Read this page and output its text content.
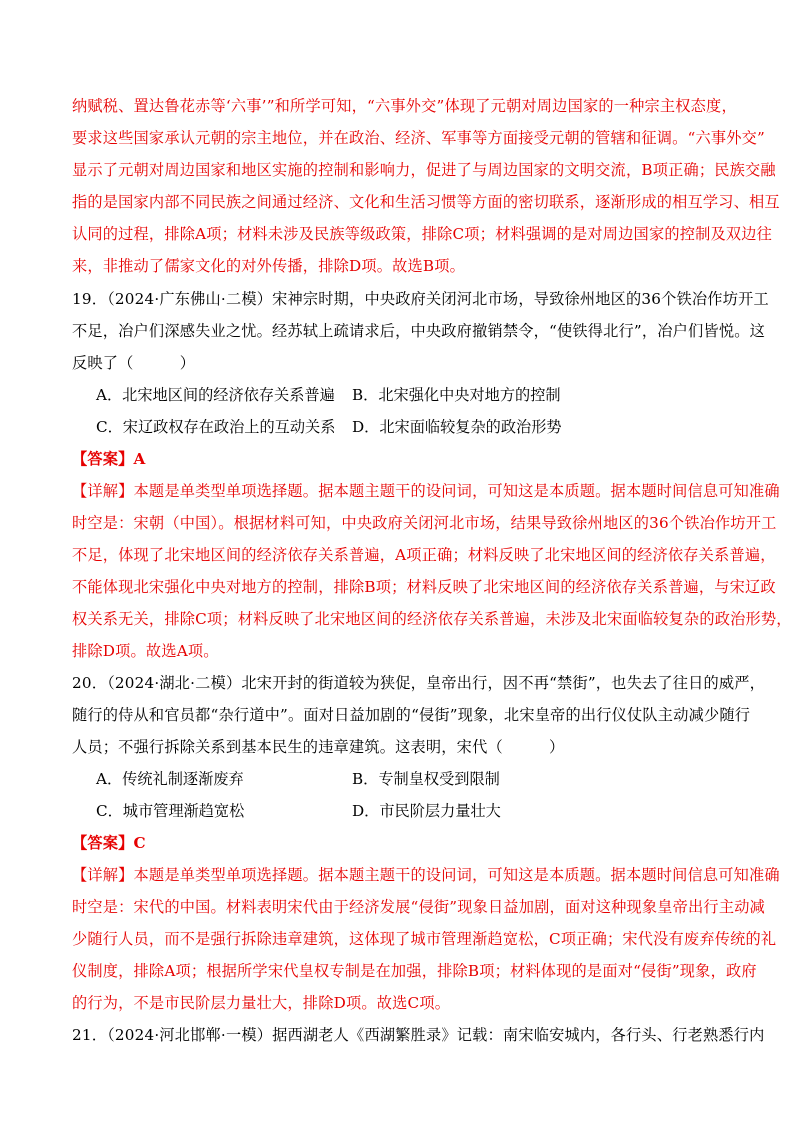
纳赋税、置达鲁花赤等‘六事’”和所学可知，“六事外交”体现了元朝对周边国家的一种宗主权态度，
要求这些国家承认元朝的宗主地位，并在政治、经济、军事等方面接受元朝的管辖和征调。“六事外交”
显示了元朝对周边国家和地区实施的控制和影响力，促进了与周边国家的文明交流，B项正确；民族交融
指的是国家内部不同民族之间通过经济、文化和生活习惯等方面的密切联系，逐渐形成的相互学习、相互
认同的过程，排除A项；材料未涉及民族等级政策，排除C项；材料强调的是对周边国家的控制及双边往
来，非推动了儒家文化的对外传播，排除D项。故选B项。
19．（2024·广东佛山·二模）宋神宗时期，中央政府关闭河北市场，导致徐州地区的36个铁冶作坊开工
不足，冶户们深感失业之忧。经苏轼上疏请求后，中央政府撤销禁令，“使铁得北行”，冶户们皆悦。这
反映了（　　　）
A．北宋地区间的经济依存关系普遍 B．北宋强化中央对地方的控制
C．宋辽政权存在政治上的互动关系 D．北宋面临较复杂的政治形势
【答案】A
【详解】本题是单类型单项选择题。据本题主题干的设问词，可知这是本质题。据本题时间信息可知准确
时空是：宋朝（中国）。根据材料可知，中央政府关闭河北市场，结果导致徐州地区的36个铁冶作坊开工
不足，体现了北宋地区间的经济依存关系普遍，A项正确；材料反映了北宋地区间的经济依存关系普遍，
不能体现北宋强化中央对地方的控制，排除B项；材料反映了北宋地区间的经济依存关系普遍，与宋辽政
权关系无关，排除C项；材料反映了北宋地区间的经济依存关系普遍，未涉及北宋面临较复杂的政治形势，
排除D项。故选A项。
20．（2024·湖北·二模）北宋开封的街道较为狭促，皇帝出行，因不再“禁街”，也失去了往日的威严，
随行的侍从和官员都“杂行道中”。面对日益加剧的“侵街”现象，北宋皇帝的出行仪仗队主动减少随行
人员；不强行拆除关系到基本民生的违章建筑。这表明，宋代（　　　）
A．传统礼制逐渐废弃	B．专制皇权受到限制
C．城市管理渐趋宽松	D．市民阶层力量壮大
【答案】C
【详解】本题是单类型单项选择题。据本题主题干的设问词，可知这是本质题。据本题时间信息可知准确
时空是：宋代的中国。材料表明宋代由于经济发展“侵街”现象日益加剧，面对这种现象皇帝出行主动减
少随行人员，而不是强行拆除违章建筑，这体现了城市管理渐趋宽松，C项正确；宋代没有废弃传统的礼
仪制度，排除A项；根据所学宋代皇权专制是在加强，排除B项；材料体现的是面对“侵街”现象，政府
的行为，不是市民阶层力量壮大，排除D项。故选C项。
21．（2024·河北邯郸·一模）据西湖老人《西湖繁胜录》记载：南宋临安城内，各行头、行老熟悉行内
